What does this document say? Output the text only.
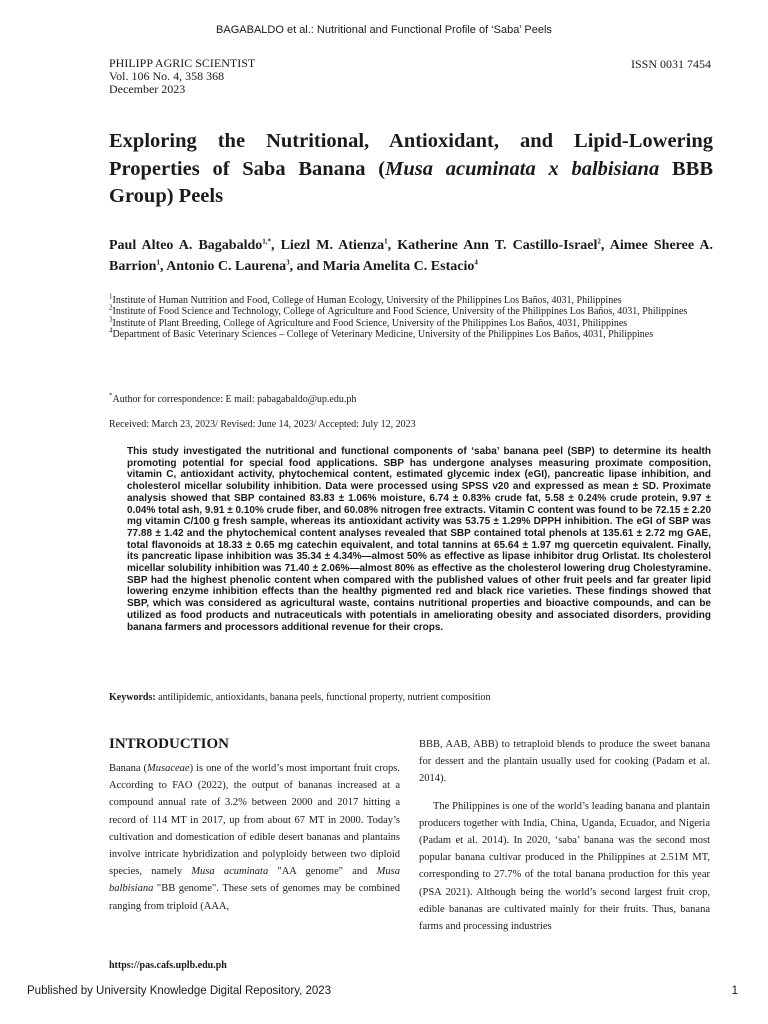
BAGABALDO et al.: Nutritional and Functional Profile of ‘Saba’ Peels
PHILIPP AGRIC SCIENTIST
Vol. 106 No. 4, 358 368
December 2023
ISSN 0031 7454
Exploring the Nutritional, Antioxidant, and Lipid-Lowering Properties of Saba Banana (Musa acuminata x balbisiana BBB Group) Peels
Paul Alteo A. Bagabaldo$^{1,*}$, Liezl M. Atienza$^1$, Katherine Ann T. Castillo-Israel$^2$, Aimee Sheree A. Barrion$^1$, Antonio C. Laurena$^3$, and Maria Amelita C. Estacio$^4$
$^1$Institute of Human Nutrition and Food, College of Human Ecology, University of the Philippines Los Baños, 4031, Philippines
$^2$Institute of Food Science and Technology, College of Agriculture and Food Science, University of the Philippines Los Baños, 4031, Philippines
$^3$Institute of Plant Breeding, College of Agriculture and Food Science, University of the Philippines Los Baños, 4031, Philippines
$^4$Department of Basic Veterinary Sciences – College of Veterinary Medicine, University of the Philippines Los Baños, 4031, Philippines
*Author for correspondence: E mail: pabagabaldo@up.edu.ph
Received: March 23, 2023/ Revised: June 14, 2023/ Accepted: July 12, 2023
This study investigated the nutritional and functional components of ‘saba’ banana peel (SBP) to determine its health promoting potential for special food applications. SBP has undergone analyses measuring proximate composition, vitamin C, antioxidant activity, phytochemical content, estimated glycemic index (eGI), pancreatic lipase inhibition, and cholesterol micellar solubility inhibition. Data were processed using SPSS v20 and expressed as mean ± SD. Proximate analysis showed that SBP contained 83.83 ± 1.06% moisture, 6.74 ± 0.83% crude fat, 5.58 ± 0.24% crude protein, 9.97 ± 0.04% total ash, 9.91 ± 0.10% crude fiber, and 60.08% nitrogen free extracts. Vitamin C content was found to be 72.15 ± 2.20 mg vitamin C/100 g fresh sample, whereas its antioxidant activity was 53.75 ± 1.29% DPPH inhibition. The eGI of SBP was 77.88 ± 1.42 and the phytochemical content analyses revealed that SBP contained total phenols at 135.61 ± 2.72 mg GAE, total flavonoids at 18.33 ± 0.65 mg catechin equivalent, and total tannins at 65.64 ± 1.97 mg quercetin equivalent. Finally, its pancreatic lipase inhibition was 35.34 ± 4.34%—almost 50% as effective as lipase inhibitor drug Orlistat. Its cholesterol micellar solubility inhibition was 71.40 ± 2.06%—almost 80% as effective as the cholesterol lowering drug Cholestyramine. SBP had the highest phenolic content when compared with the published values of other fruit peels and far greater lipid lowering enzyme inhibition effects than the healthy pigmented red and black rice varieties. These findings showed that SBP, which was considered as agricultural waste, contains nutritional properties and bioactive compounds, and can be utilized as food products and nutraceuticals with potentials in ameliorating obesity and associated disorders, providing banana farmers and processors additional revenue for their crops.
Keywords: antilipidemic, antioxidants, banana peels, functional property, nutrient composition
INTRODUCTION

Banana (Musaceae) is one of the world’s most important fruit crops. According to FAO (2022), the output of bananas increased at a compound annual rate of 3.2% between 2000 and 2017 hitting a record of 114 MT in 2017, up from about 67 MT in 2000. Today’s cultivation and domestication of edible desert bananas and plantains involve intricate hybridization and polyploidy between two diploid species, namely Musa acuminata "AA genome" and Musa balbisiana "BB genome". These sets of genomes may be combined ranging from triploid (AAA,

BBB, AAB, ABB) to tetraploid blends to produce the sweet banana for dessert and the plantain usually used for cooking (Padam et al. 2014).

The Philippines is one of the world’s leading banana and plantain producers together with India, China, Uganda, Ecuador, and Nigeria (Padam et al. 2014). In 2020, ‘saba’ banana was the second most popular banana cultivar produced in the Philippines at 2.51M MT, corresponding to 27.7% of the total banana production for this year (PSA 2021). Although being the world’s second largest fruit crop, edible bananas are cultivated mainly for their fruits. Thus, banana farms and processing industries

https://pas.cafs.uplb.edu.ph
Published by University Knowledge Digital Repository, 2023	1
